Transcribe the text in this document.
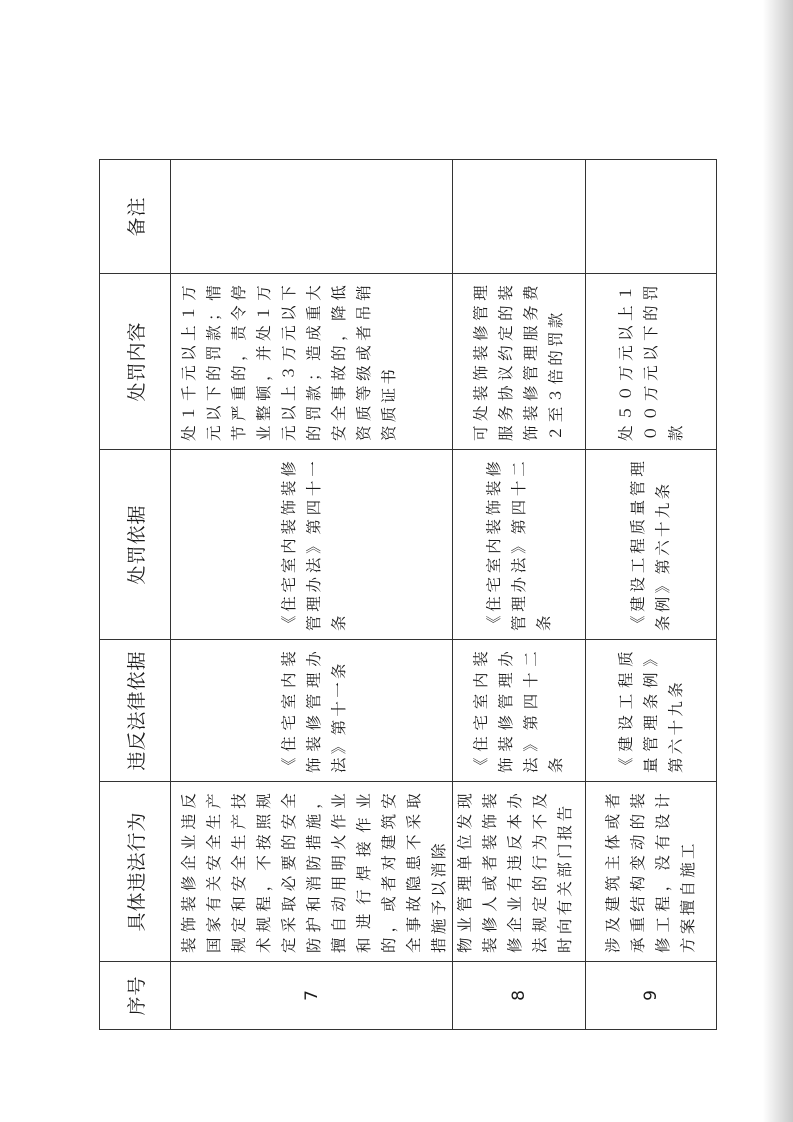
序号	具体违法行为	违反法律依据	处罚依据	处罚内容	备注
7	装饰装修企业违反国家有关安全生产规定和安全生产技术规程，不按照规定采取必要的安全防护和消防措施，擅自动用明火作业和进行焊接作业的，或者对建筑安全事故隐患不采取措施予以消除	《住宅室内装饰装修管理办法》第十一条	《住宅室内装饰装修管理办法》第四十一条	处１千元以上１万元以下的罚款；情节严重的，责令停业整顿，并处１万元以上３万元以下的罚款；造成重大安全事故的，降低资质等级或者吊销资质证书	
8	物业管理单位发现装修人或者装饰装修企业有违反本办法规定的行为不及时向有关部门报告	《住宅室内装饰装修管理办法》第四十二条	《住宅室内装饰装修管理办法》第四十二条	可处装饰装修管理服务协议约定的装饰装修管理服务费２至３倍的罚款	
9	涉及建筑主体或者承重结构变动的装修工程，没有设计方案擅自施工	《建设工程质量管理条例》第六十九条	《建设工程质量管理条例》第六十九条	处５０万元以上１００万元以下的罚款	
